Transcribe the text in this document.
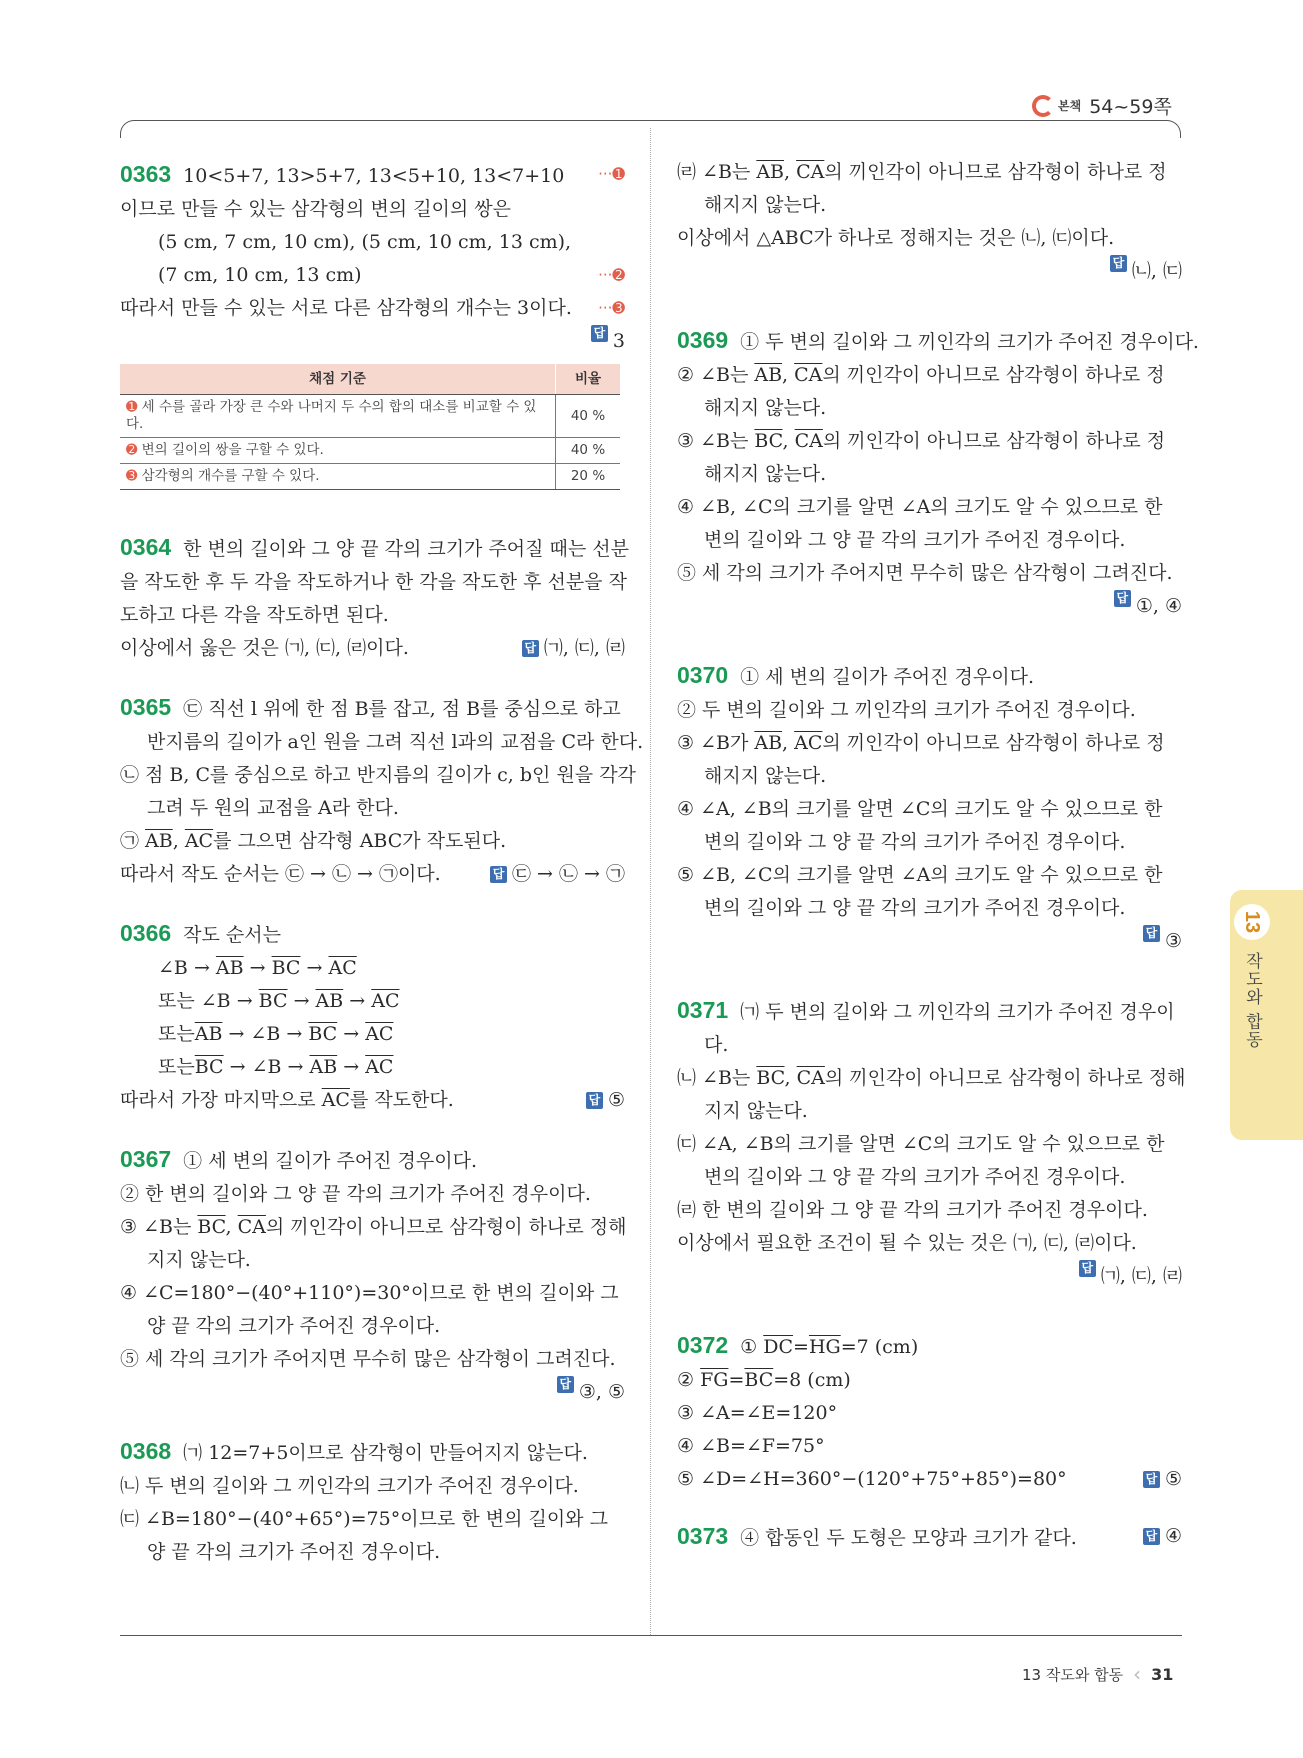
본책 54~59쪽
0363 10<5+7, 13>5+7, 13<5+10, 13<7+10 ···➊
이므로 만들 수 있는 삼각형의 변의 길이의 쌍은
(5 cm, 7 cm, 10 cm), (5 cm, 10 cm, 13 cm),
(7 cm, 10 cm, 13 cm)	···➋
따라서 만들 수 있는 서로 다른 삼각형의 개수는 3이다. ···➌
답 3
채점 기준	비율
➊ 세 수를 골라 가장 큰 수와 나머지 두 수의 합의 대소를 비교할 수 있다.	40 %
➋ 변의 길이의 쌍을 구할 수 있다.	40 %
➌ 삼각형의 개수를 구할 수 있다.	20 %
0364 한 변의 길이와 그 양 끝 각의 크기가 주어질 때는 선분
을 작도한 후 두 각을 작도하거나 한 각을 작도한 후 선분을 작
도하고 다른 각을 작도하면 된다.
이상에서 옳은 것은 ㈀, ㈂, ㈃이다.	답 ㈀, ㈂, ㈃
0365 ㉢ 직선 l 위에 한 점 B를 잡고, 점 B를 중심으로 하고
반지름의 길이가 a인 원을 그려 직선 l과의 교점을 C라 한다.
㉡ 점 B, C를 중심으로 하고 반지름의 길이가 c, b인 원을 각각
그려 두 원의 교점을 A라 한다.
㉠ $\overline{AB}$, $\overline{AC}$를 그으면 삼각형 ABC가 작도된다.
따라서 작도 순서는 ㉢ → ㉡ → ㉠이다.	답 ㉢ → ㉡ → ㉠
0366 작도 순서는
∠B → $\overline{AB} \to \overline{BC} \to \overline{AC}$
또는 ∠B → $\overline{BC} \to \overline{AB} \to \overline{AC}$
또는$\overline{AB}$ → ∠B → $\overline{BC} \to \overline{AC}$
또는$\overline{BC}$ → ∠B → $\overline{AB} \to \overline{AC}$
따라서 가장 마지막으로 $\overline{AC}$를 작도한다.	답 ⑤
0367 ① 세 변의 길이가 주어진 경우이다.
② 한 변의 길이와 그 양 끝 각의 크기가 주어진 경우이다.
③ ∠B는 $\overline{BC}$, $\overline{CA}$의 끼인각이 아니므로 삼각형이 하나로 정해
지지 않는다.
④ ∠C=180°−(40°+110°)=30°이므로 한 변의 길이와 그
양 끝 각의 크기가 주어진 경우이다.
⑤ 세 각의 크기가 주어지면 무수히 많은 삼각형이 그려진다.
답 ③, ⑤
0368 ㈀ 12=7+5이므로 삼각형이 만들어지지 않는다.
㈁ 두 변의 길이와 그 끼인각의 크기가 주어진 경우이다.
㈂ ∠B=180°−(40°+65°)=75°이므로 한 변의 길이와 그
양 끝 각의 크기가 주어진 경우이다.
㈃ ∠B는 $\overline{AB}$, $\overline{CA}$의 끼인각이 아니므로 삼각형이 하나로 정
해지지 않는다.
이상에서 △ABC가 하나로 정해지는 것은 ㈁, ㈂이다.
답 ㈁, ㈂
0369 ① 두 변의 길이와 그 끼인각의 크기가 주어진 경우이다.
② ∠B는 $\overline{AB}$, $\overline{CA}$의 끼인각이 아니므로 삼각형이 하나로 정
해지지 않는다.
③ ∠B는 $\overline{BC}$, $\overline{CA}$의 끼인각이 아니므로 삼각형이 하나로 정
해지지 않는다.
④ ∠B, ∠C의 크기를 알면 ∠A의 크기도 알 수 있으므로 한
변의 길이와 그 양 끝 각의 크기가 주어진 경우이다.
⑤ 세 각의 크기가 주어지면 무수히 많은 삼각형이 그려진다.
답 ①, ④
0370 ① 세 변의 길이가 주어진 경우이다.
② 두 변의 길이와 그 끼인각의 크기가 주어진 경우이다.
③ ∠B가 $\overline{AB}$, $\overline{AC}$의 끼인각이 아니므로 삼각형이 하나로 정
해지지 않는다.
④ ∠A, ∠B의 크기를 알면 ∠C의 크기도 알 수 있으므로 한
변의 길이와 그 양 끝 각의 크기가 주어진 경우이다.
⑤ ∠B, ∠C의 크기를 알면 ∠A의 크기도 알 수 있으므로 한
변의 길이와 그 양 끝 각의 크기가 주어진 경우이다.
답 ③
0371 ㈀ 두 변의 길이와 그 끼인각의 크기가 주어진 경우이
다.
㈁ ∠B는 $\overline{BC}$, $\overline{CA}$의 끼인각이 아니므로 삼각형이 하나로 정해
지지 않는다.
㈂ ∠A, ∠B의 크기를 알면 ∠C의 크기도 알 수 있으므로 한
변의 길이와 그 양 끝 각의 크기가 주어진 경우이다.
㈃ 한 변의 길이와 그 양 끝 각의 크기가 주어진 경우이다.
이상에서 필요한 조건이 될 수 있는 것은 ㈀, ㈂, ㈃이다.
답 ㈀, ㈂, ㈃
0372 ① $\overline{DC}=\overline{HG}=7$ (cm)
② $\overline{FG}=\overline{BC}=8$ (cm)
③ ∠A=∠E=120°
④ ∠B=∠F=75°
⑤ ∠D=∠H=360°−(120°+75°+85°)=80°	답 ⑤
0373 ④ 합동인 두 도형은 모양과 크기가 같다.	답 ④
13
작도와 합동
13 작도와 합동 ‹ 31
